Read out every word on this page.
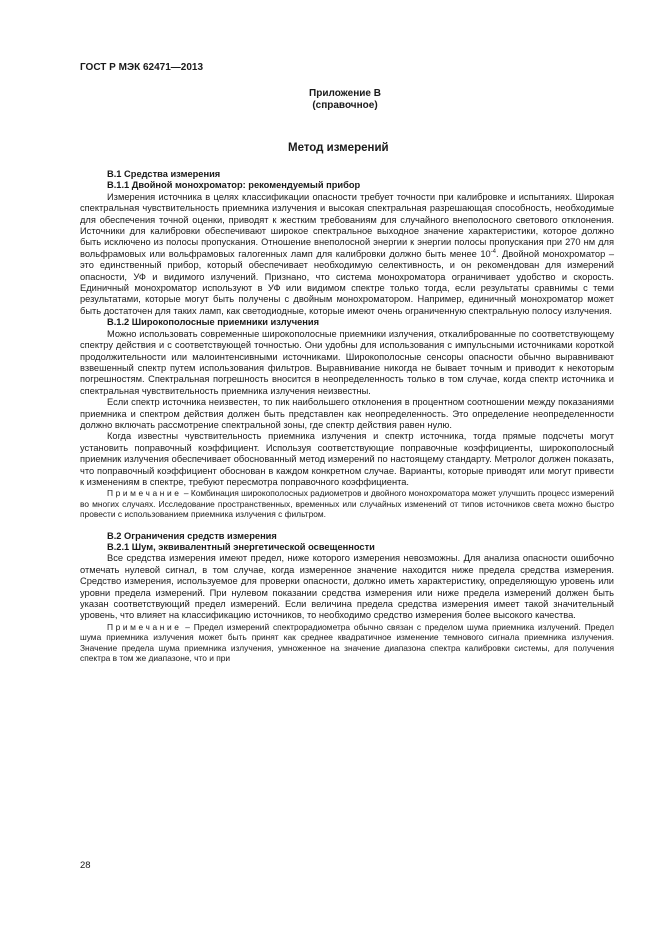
ГОСТ Р МЭК 62471—2013
Приложение В
(справочное)
Метод измерений

В.1 Средства измерения

В.1.1 Двойной монохроматор: рекомендуемый прибор

Измерения источника в целях классификации опасности требует точности при калибровке и испытаниях. Широкая спектральная чувствительность приемника излучения и высокая спектральная разрешающая способность, необходимые для обеспечения точной оценки, приводят к жестким требованиям для случайного внеполосного светового отклонения. Источники для калибровки обеспечивают широкое спектральное выходное значение характеристики, которое должно быть исключено из полосы пропускания. Отношение внеполосной энергии к энергии полосы пропускания при 270 нм для вольфрамовых или вольфрамовых галогенных ламп для калибровки должно быть менее $10^{-4}$. Двойной монохроматор – это единственный прибор, который обеспечивает необходимую селективность, и он рекомендован для измерений опасности, УФ и видимого излучений. Признано, что система монохроматора ограничивает удобство и скорость. Единичный монохроматор используют в УФ или видимом спектре только тогда, если результаты сравнимы с теми результатами, которые могут быть получены с двойным монохроматором. Например, единичный монохроматор может быть достаточен для таких ламп, как светодиодные, которые имеют очень ограниченную спектральную полосу излучения.

В.1.2 Широкополосные приемники излучения

Можно использовать современные широкополосные приемники излучения, откалиброванные по соответствующему спектру действия и с соответствующей точностью. Они удобны для использования с импульсными источниками короткой продолжительности или малоинтенсивными источниками. Широкополосные сенсоры опасности обычно выравнивают взвешенный спектр путем использования фильтров. Выравнивание никогда не бывает точным и приводит к некоторым погрешностям. Спектральная погрешность вносится в неопределенность только в том случае, когда спектр источника и спектральная чувствительность приемника излучения неизвестны.

Если спектр источника неизвестен, то пик наибольшего отклонения в процентном соотношении между показаниями приемника и спектром действия должен быть представлен как неопределенность. Это определение неопределенности должно включать рассмотрение спектральной зоны, где спектр действия равен нулю.

Когда известны чувствительность приемника излучения и спектр источника, тогда прямые подсчеты могут установить поправочный коэффициент. Используя соответствующие поправочные коэффициенты, широкополосный приемник излучения обеспечивает обоснованный метод измерений по настоящему стандарту. Метролог должен показать, что поправочный коэффициент обоснован в каждом конкретном случае. Варианты, которые приводят или могут привести к изменениям в спектре, требуют пересмотра поправочного коэффициента.

Примечание – Комбинация широкополосных радиометров и двойного монохроматора может улучшить процесс измерений во многих случаях. Исследование пространственных, временных или случайных изменений от типов источников света можно быстро провести с использованием приемника излучения с фильтром.

В.2 Ограничения средств измерения

В.2.1 Шум, эквивалентный энергетической освещенности

Все средства измерения имеют предел, ниже которого измерения невозможны. Для анализа опасности ошибочно отмечать нулевой сигнал, в том случае, когда измеренное значение находится ниже предела средства измерения. Средство измерения, используемое для проверки опасности, должно иметь характеристику, определяющую уровень или уровни предела измерений. При нулевом показании средства измерения или ниже предела измерений должен быть указан соответствующий предел измерений. Если величина предела средства измерения имеет такой значительный уровень, что влияет на классификацию источников, то необходимо средство измерения более высокого качества.

Примечание – Предел измерений спектрорадиометра обычно связан с пределом шума приемника излучений. Предел шума приемника излучения может быть принят как среднее квадратичное изменение темнового сигнала приемника излучения. Значение предела шума приемника излучения, умноженное на значение диапазона спектра калибровки системы, для получения спектра в том же диапазоне, что и при

28
